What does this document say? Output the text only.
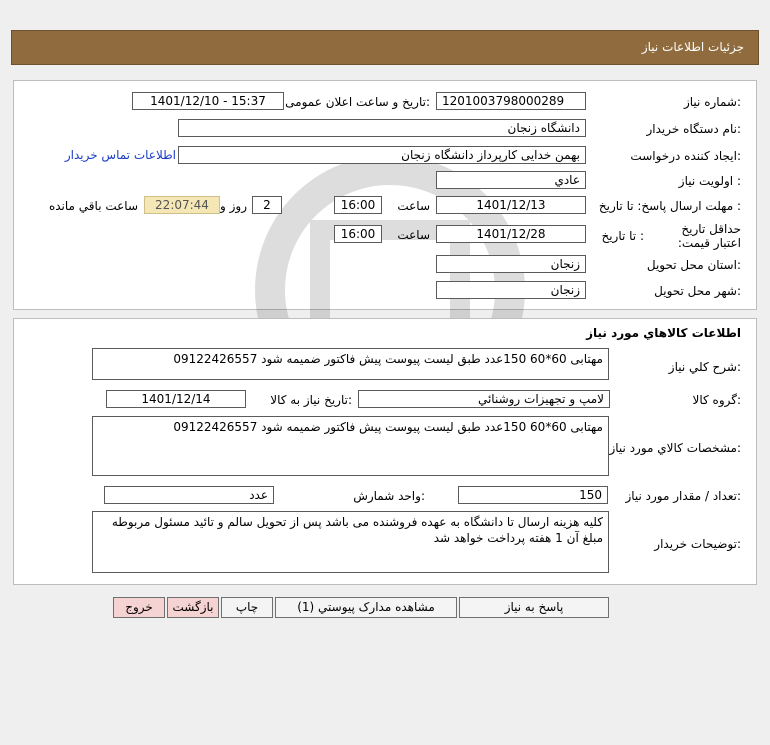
جزئیات اطلاعات نیاز
شماره نیاز:
1201003798000289
تاریخ و ساعت اعلان عمومی:
1401/12/10 - 15:37
نام دستگاه خریدار:
دانشگاه زنجان
ایجاد کننده درخواست:
بهمن خدایی کارپرداز دانشگاه زنجان
اطلاعات تماس خریدار
اولویت نیاز :
عادي
مهلت ارسال پاسخ: تا تاریخ :
1401/12/13
ساعت
16:00
2
روز و
22:07:44
ساعت باقي مانده
حداقل تاريخ اعتبار قيمت:
تا تاریخ :
1401/12/28
ساعت
16:00
استان محل تحويل:
زنجان
شهر محل تحويل:
زنجان
اطلاعات کالاهاي مورد نياز
شرح کلي نياز:
مهتابی 60*60 150عدد طبق لیست پیوست پیش فاکتور ضمیمه شود 09122426557
گروه کالا:
لامپ و تجهيزات روشنائي
تاريخ نياز به کالا:
1401/12/14
مشخصات کالاي مورد نياز:
مهتابی 60*60 150عدد طبق لیست پیوست پیش فاکتور ضمیمه شود 09122426557
تعداد / مقدار مورد نیاز:
150
واحد شمارش:
عدد
توضيحات خريدار:
کلیه هزینه ارسال تا دانشگاه به عهده فروشنده می باشد پس از تحویل سالم و تائید مسئول مربوطه مبلغ آن 1 هفته پرداخت خواهد شد
پاسخ به نياز
مشاهده مدارک پيوستي (1)
چاپ
بازگشت
خروج
